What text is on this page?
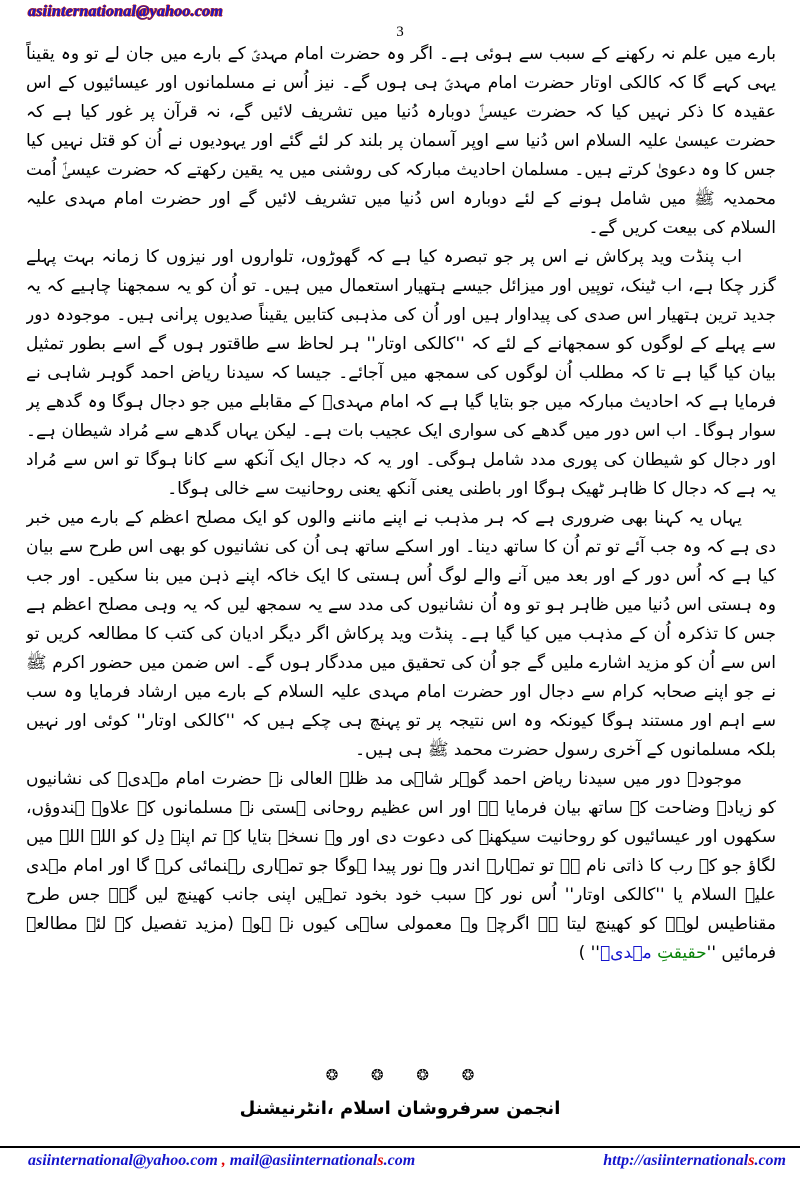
asiinternational@yahoo.com
3

بارے میں علم نہ رکھنے کے سبب سے ہوئی ہے۔ اگر وہ حضرت امام مہدیؑ کے بارے میں جان لے تو وہ یقیناً یہی کہے گا کہ کالکی اوتار حضرت امام مہدیؑ ہی ہوں گے۔ نیز اُس نے مسلمانوں اور عیسائیوں کے اس عقیدہ کا ذکر نہیں کیا کہ حضرت عیسیٰؑ دوبارہ دُنیا میں تشریف لائیں گے، نہ قرآن پر غور کیا ہے کہ حضرت عیسیٰ علیہ السلام اس دُنیا سے اوپر آسمان پر بلند کر لئے گئے اور یہودیوں نے اُن کو قتل نہیں کیا جس کا وہ دعویٰ کرتے ہیں۔ مسلمان احادیث مبارکہ کی روشنی میں یہ یقین رکھتے کہ حضرت عیسیٰؑ اُمت محمدیہ ﷺ میں شامل ہونے کے لئے دوبارہ اس دُنیا میں تشریف لائیں گے اور حضرت امام مہدی علیہ السلام کی بیعت کریں گے۔

اب پنڈت وید پرکاش نے اس پر جو تبصرہ کیا ہے کہ گھوڑوں، تلواروں اور نیزوں کا زمانہ بہت پہلے گزر چکا ہے، اب ٹینک، توپیں اور میزائل جیسے ہتھیار استعمال میں ہیں۔ تو اُن کو یہ سمجھنا چاہیے کہ یہ جدید ترین ہتھیار اس صدی کی پیداوار ہیں اور اُن کی مذہبی کتابیں یقیناً صدیوں پرانی ہیں۔ موجودہ دور سے پہلے کے لوگوں کو سمجھانے کے لئے کہ ''کالکی اوتار'' ہر لحاظ سے طاقتور ہوں گے اسے بطور تمثیل بیان کیا گیا ہے تا کہ مطلب اُن لوگوں کی سمجھ میں آجائے۔ جیسا کہ سیدنا ریاض احمد گوہر شاہی نے فرمایا ہے کہ احادیث مبارکہ میں جو بتایا گیا ہے کہ امام مہدیؑ کے مقابلے میں جو دجال ہوگا وہ گدھے پر سوار ہوگا۔ اب اس دور میں گدھے کی سواری ایک عجیب بات ہے۔ لیکن یہاں گدھے سے مُراد شیطان ہے۔ اور دجال کو شیطان کی پوری مدد شامل ہوگی۔ اور یہ کہ دجال ایک آنکھ سے کانا ہوگا تو اس سے مُراد یہ ہے کہ دجال کا ظاہر ٹھیک ہوگا اور باطنی یعنی آنکھ یعنی روحانیت سے خالی ہوگا۔

یہاں یہ کہنا بھی ضروری ہے کہ ہر مذہب نے اپنے ماننے والوں کو ایک مصلح اعظم کے بارے میں خبر دی ہے کہ وہ جب آئے تو تم اُن کا ساتھ دینا۔ اور اسکے ساتھ ہی اُن کی نشانیوں کو بھی اس طرح سے بیان کیا ہے کہ اُس دور کے اور بعد میں آنے والے لوگ اُس ہستی کا ایک خاکہ اپنے ذہن میں بنا سکیں۔ اور جب وہ ہستی اس دُنیا میں ظاہر ہو تو وہ اُن نشانیوں کی مدد سے یہ سمجھ لیں کہ یہ وہی مصلح اعظم ہے جس کا تذکرہ اُن کے مذہب میں کیا گیا ہے۔ پنڈت وید پرکاش اگر دیگر ادیان کی کتب کا مطالعہ کریں تو اس سے اُن کو مزید اشارے ملیں گے جو اُن کی تحقیق میں مددگار ہوں گے۔ اس ضمن میں حضور اکرم ﷺ نے جو اپنے صحابہ کرام سے دجال اور حضرت امام مہدی علیہ السلام کے بارے میں ارشاد فرمایا وہ سب سے اہم اور مستند ہوگا کیونکہ وہ اس نتیجہ پر تو پہنچ ہی چکے ہیں کہ ''کالکی اوتار'' کوئی اور نہیں بلکہ مسلمانوں کے آخری رسول حضرت محمد ﷺ ہی ہیں۔

موجودہ دور میں سیدنا ریاض احمد گوہر شاہی مد ظلہ العالی نے حضرت امام مہدیؑ کی نشانیوں کو زیادہ وضاحت کے ساتھ بیان فرمایا ہے اور اس عظیم روحانی ہستی نے مسلمانوں کے علاوہ ہندوؤں، سکھوں اور عیسائیوں کو روحانیت سیکھنے کی دعوت دی اور وہ نسخہ بتایا کہ تم اپنے دِل کو اللہ اللہ میں لگاؤ جو کہ رب کا ذاتی نام ہے تو تمہارے اندر وہ نور پیدا ہوگا جو تمہاری رہنمائی کرے گا اور امام مہدی علیہ السلام یا ''کالکی اوتار'' اُس نور کے سبب خود بخود تمہیں اپنی جانب کھینچ لیں گے۔ جس طرح مقناطیس لوہے کو کھینچ لیتا ہے اگرچہ وہ معمولی ساہی کیوں نہ ہو۔ (مزید تفصیل کے لئے مطالعہ فرمائیں ''حقیقتِ مہدیؑ'' )

❂ ❂ ❂ ❂
انجمن سرفروشان اسلام ،انٹرنیشنل
asiinternational@yahoo.com , mail@asiinternationals.com	http://asiinternationals.com
